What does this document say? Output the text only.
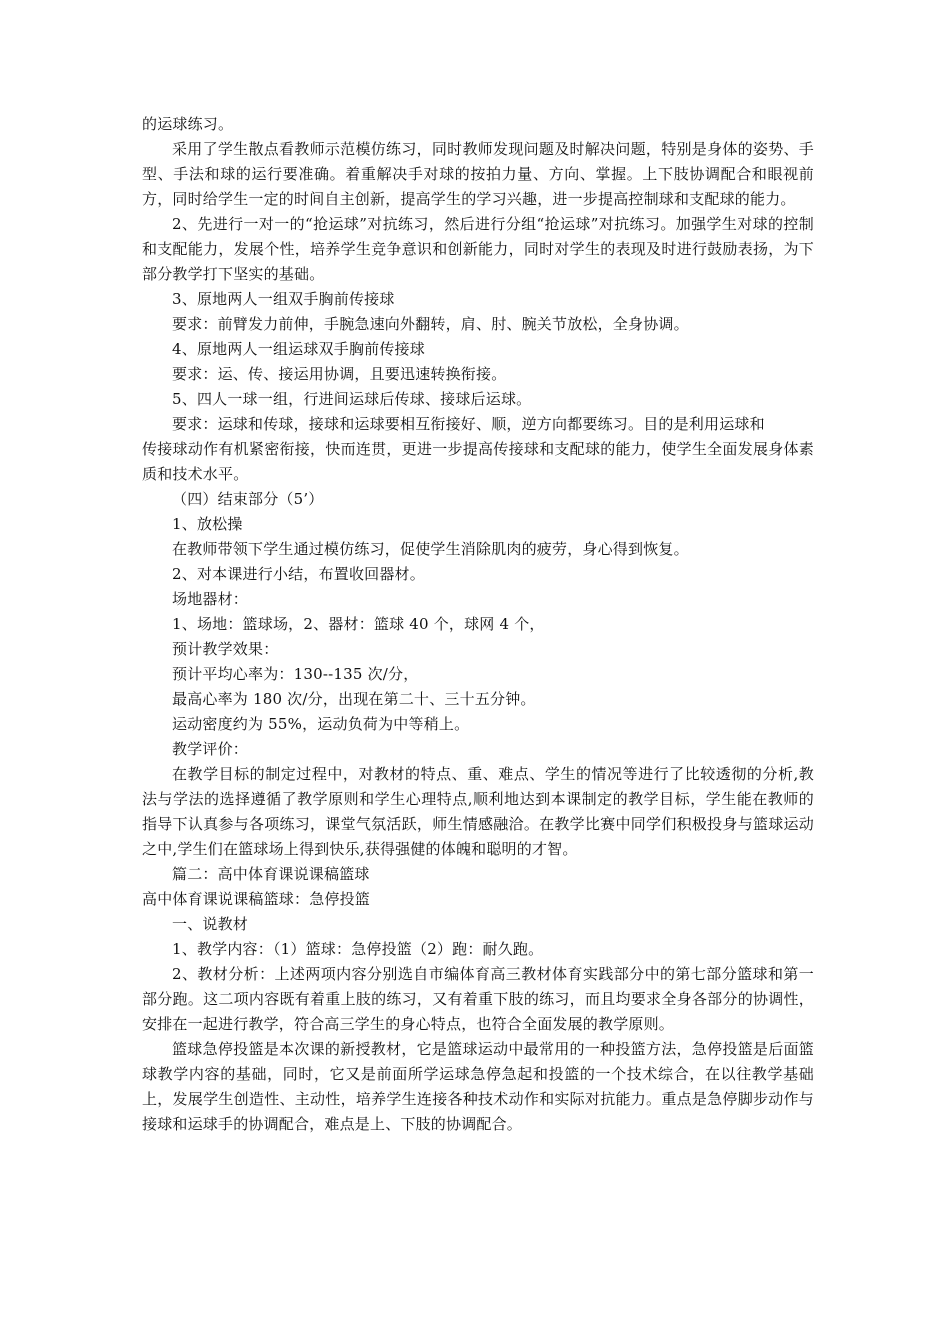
的运球练习。

采用了学生散点看教师示范模仿练习，同时教师发现问题及时解决问题，特别是身体的姿势、手型、手法和球的运行要准确。着重解决手对球的按拍力量、方向、掌握。上下肢协调配合和眼视前方，同时给学生一定的时间自主创新，提高学生的学习兴趣，进一步提高控制球和支配球的能力。

2、先进行一对一的“抢运球”对抗练习，然后进行分组“抢运球”对抗练习。加强学生对球的控制和支配能力，发展个性，培养学生竞争意识和创新能力，同时对学生的表现及时进行鼓励表扬，为下部分教学打下坚实的基础。

3、原地两人一组双手胸前传接球

要求：前臂发力前伸，手腕急速向外翻转，肩、肘、腕关节放松，全身协调。

4、原地两人一组运球双手胸前传接球

要求：运、传、接运用协调，且要迅速转换衔接。

5、四人一球一组，行进间运球后传球、接球后运球。

要求：运球和传球，接球和运球要相互衔接好、顺，逆方向都要练习。目的是利用运球和

传接球动作有机紧密衔接，快而连贯，更进一步提高传接球和支配球的能力，使学生全面发展身体素质和技术水平。

（四）结束部分（5’）

1、放松操

在教师带领下学生通过模仿练习，促使学生消除肌肉的疲劳，身心得到恢复。

2、对本课进行小结，布置收回器材。

场地器材：

1、场地：篮球场，2、器材：篮球 40 个，球网 4 个，

预计教学效果：

预计平均心率为：130--135 次/分，

最高心率为 180 次/分，出现在第二十、三十五分钟。

运动密度约为 55%，运动负荷为中等稍上。

教学评价：

在教学目标的制定过程中，对教材的特点、重、难点、学生的情况等进行了比较透彻的分析,教法与学法的选择遵循了教学原则和学生心理特点,顺利地达到本课制定的教学目标，学生能在教师的指导下认真参与各项练习，课堂气氛活跃，师生情感融洽。在教学比赛中同学们积极投身与篮球运动之中,学生们在篮球场上得到快乐,获得强健的体魄和聪明的才智。

篇二：高中体育课说课稿篮球

高中体育课说课稿篮球：急停投篮

一、说教材

1、教学内容：（1）篮球：急停投篮（2）跑：耐久跑。

2、教材分析：上述两项内容分别选自市编体育高三教材体育实践部分中的第七部分篮球和第一部分跑。这二项内容既有着重上肢的练习，又有着重下肢的练习，而且均要求全身各部分的协调性，安排在一起进行教学，符合高三学生的身心特点，也符合全面发展的教学原则。

篮球急停投篮是本次课的新授教材，它是篮球运动中最常用的一种投篮方法，急停投篮是后面篮球教学内容的基础，同时，它又是前面所学运球急停急起和投篮的一个技术综合，在以往教学基础上，发展学生创造性、主动性，培养学生连接各种技术动作和实际对抗能力。重点是急停脚步动作与接球和运球手的协调配合，难点是上、下肢的协调配合。
